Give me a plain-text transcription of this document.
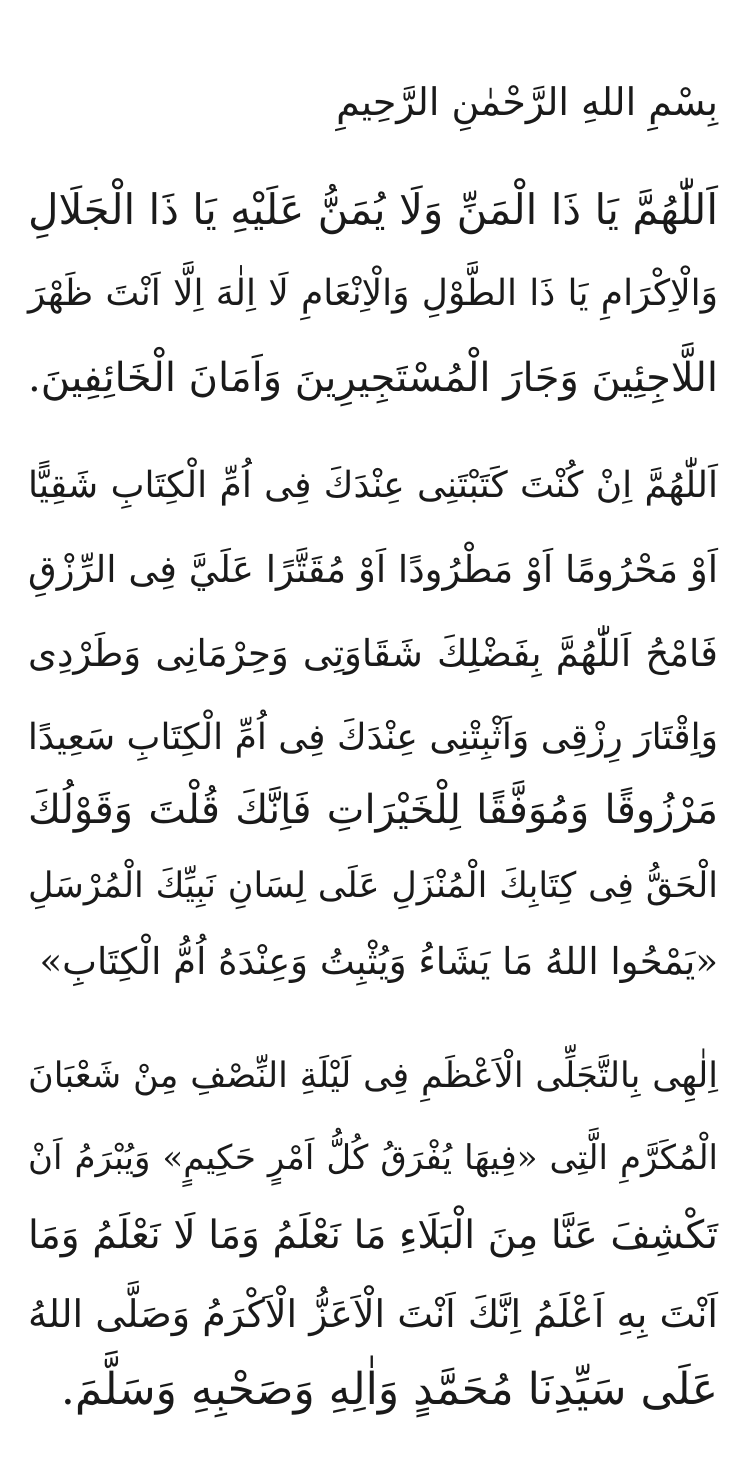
بِسْمِ اللهِ الرَّحْمٰنِ الرَّحِيمِ
اَللّٰهُمَّ يَا ذَا الْمَنِّ وَلَا يُمَنُّ عَلَيْهِ يَا ذَا الْجَلَالِ
وَالْاِكْرَامِ يَا ذَا الطَّوْلِ وَالْاِنْعَامِ لَا اِلٰهَ اِلَّا اَنْتَ ظَهْرَ
اللَّاجِئِينَ وَجَارَ الْمُسْتَجِيرِينَ وَاَمَانَ الْخَائِفِينَ.
اَللّٰهُمَّ اِنْ كُنْتَ كَتَبْتَنِى عِنْدَكَ فِى اُمِّ الْكِتَابِ شَقِيًّا
اَوْ مَحْرُومًا اَوْ مَطْرُودًا اَوْ مُقَتَّرًا عَلَيَّ فِى الرِّزْقِ
فَامْحُ اَللّٰهُمَّ بِفَضْلِكَ شَقَاوَتِى وَحِرْمَانِى وَطَرْدِى
وَاِقْتَارَ رِزْقِى وَاَثْبِتْنِى عِنْدَكَ فِى اُمِّ الْكِتَابِ سَعِيدًا
مَرْزُوقًا وَمُوَفَّقًا لِلْخَيْرَاتِ فَاِنَّكَ قُلْتَ وَقَوْلُكَ
الْحَقُّ فِى كِتَابِكَ الْمُنْزَلِ عَلَى لِسَانِ نَبِيِّكَ الْمُرْسَلِ
«يَمْحُوا اللهُ مَا يَشَاءُ وَيُثْبِتُ وَعِنْدَهُ اُمُّ الْكِتَابِ»
اِلٰهِى بِالتَّجَلِّى الْاَعْظَمِ فِى لَيْلَةِ النِّصْفِ مِنْ شَعْبَانَ
الْمُكَرَّمِ الَّتِى «فِيهَا يُفْرَقُ كُلُّ اَمْرٍ حَكِيمٍ» وَيُبْرَمُ اَنْ
تَكْشِفَ عَنَّا مِنَ الْبَلَاءِ مَا نَعْلَمُ وَمَا لَا نَعْلَمُ وَمَا
اَنْتَ بِهِ اَعْلَمُ اِنَّكَ اَنْتَ الْاَعَزُّ الْاَكْرَمُ وَصَلَّى اللهُ
عَلَى سَيِّدِنَا مُحَمَّدٍ وَاٰلِهِ وَصَحْبِهِ وَسَلَّمَ.
